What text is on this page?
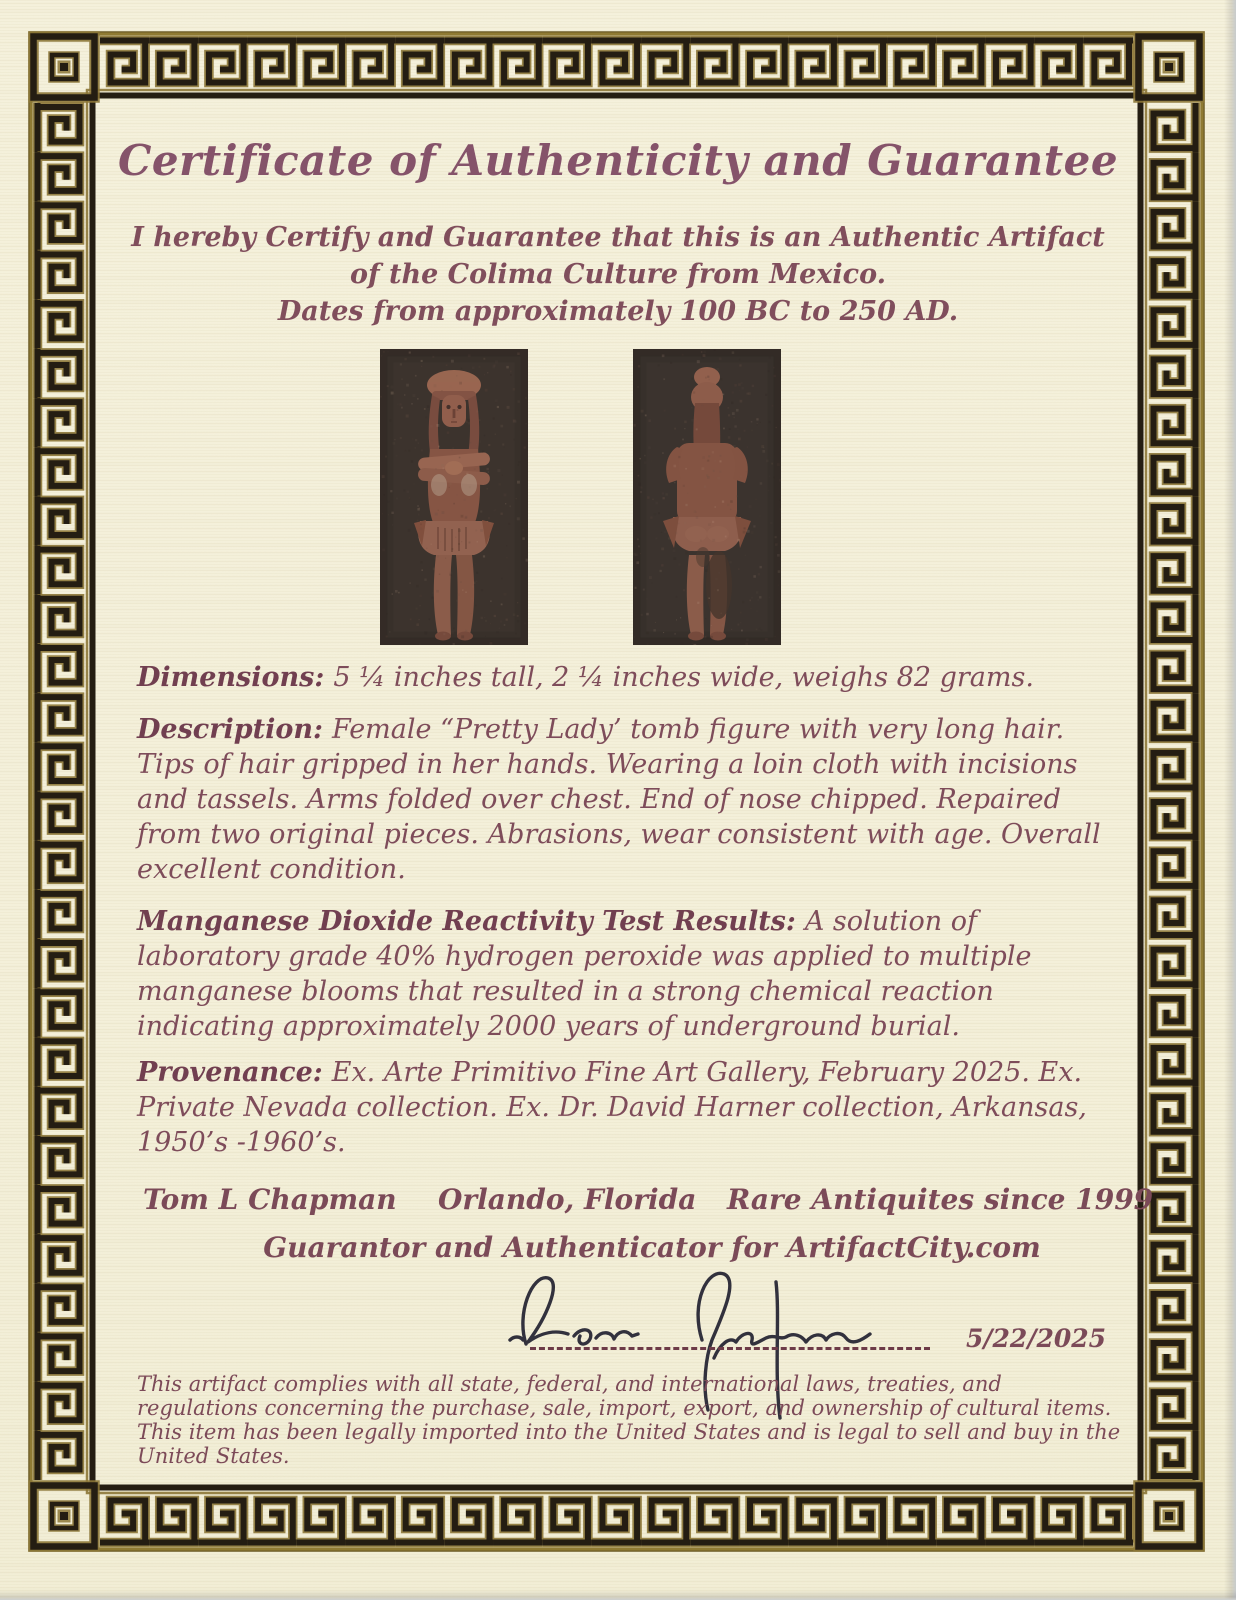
Certificate of Authenticity and Guarantee
I hereby Certify and Guarantee that this is an Authentic Artifact
of the Colima Culture from Mexico.
Dates from approximately 100 BC to 250 AD.

Dimensions: 5 ¼ inches tall, 2 ¼ inches wide, weighs 82 grams.

Description: Female “Pretty Lady’ tomb figure with very long hair. Tips of hair gripped in her hands. Wearing a loin cloth with incisions and tassels. Arms folded over chest. End of nose chipped. Repaired from two original pieces. Abrasions, wear consistent with age. Overall excellent condition.

Manganese Dioxide Reactivity Test Results: A solution of laboratory grade 40% hydrogen peroxide was applied to multiple manganese blooms that resulted in a strong chemical reaction indicating approximately 2000 years of underground burial.

Provenance: Ex. Arte Primitivo Fine Art Gallery, February 2025. Ex. Private Nevada collection. Ex. Dr. David Harner collection, Arkansas, 1950’s -1960’s.

Tom L Chapman Orlando, Florida Rare Antiquites since 1999
Guarantor and Authenticator for ArtifactCity.com
5/22/2025

This artifact complies with all state, federal, and international laws, treaties, and regulations concerning the purchase, sale, import, export, and ownership of cultural items. This item has been legally imported into the United States and is legal to sell and buy in the United States.
